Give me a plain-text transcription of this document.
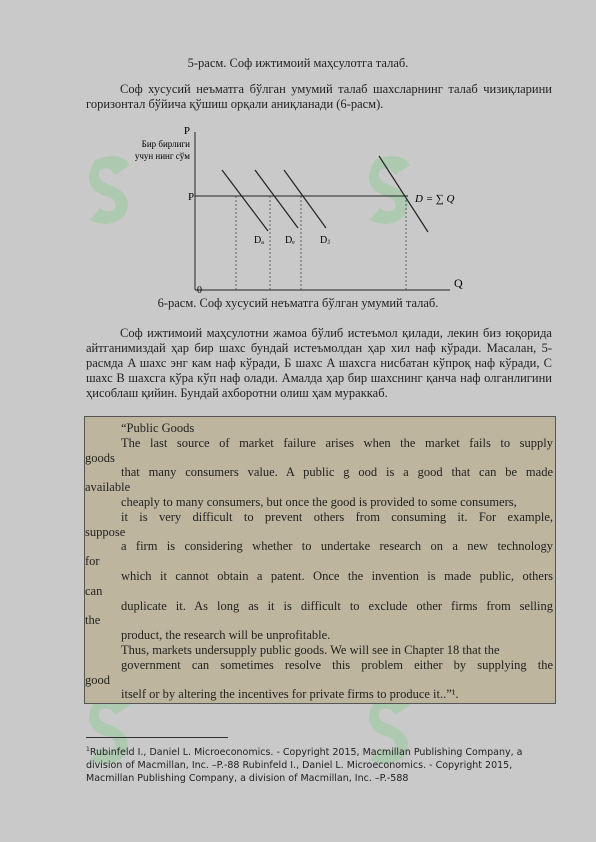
5-расм. Соф ижтимоий маҳсулотга талаб.
Соф хусусий неъматга бўлган умумий талаб шахсларнинг талаб чизиқларини горизонтал бўйича қўшиш орқали аниқланади (6-расм).
P
Бир бирлиги
учун нинг сўм
P
0
Q
Dₐ Dₑ	Dⱼ
D = ∑ Q
6-расм. Соф хусусий неъматга бўлган умумий талаб.
Соф ижтимоий маҳсулотни жамоа бўлиб истеъмол қилади, лекин биз юқорида айтганимиздай ҳар бир шахс бундай истеъмолдан ҳар хил наф кўради. Масалан, 5-расмда A шахс энг кам наф кўради, Б шахс A шахсга нисбатан кўпроқ наф кўради, C шахс B шахсга кўра кўп наф олади. Амалда ҳар бир шахснинг қанча наф олганлигини ҳисоблаш қийин. Бундай ахборотни олиш ҳам мураккаб.
“Public Goods
The last source of market failure arises when the market fails to supply
goods
that many consumers value. A public g ood is a good that can be made
available
cheaply to many consumers, but once the good is provided to some consumers,
it is very difficult to prevent others from consuming it. For example,
suppose
a firm is considering whether to undertake research on a new technology
for
which it cannot obtain a patent. Once the invention is made public, others
can
duplicate it. As long as it is difficult to exclude other firms from selling
the
product, the research will be unprofitable.
Thus, markets undersupply public goods. We will see in Chapter 18 that the
government can sometimes resolve this problem either by supplying the
good
itself or by altering the incentives for private firms to produce it..”¹.
$^1$Rubinfeld I., Daniel L. Microeconomics. - Copyright 2015, Macmillan Publishing Company, a division of Macmillan, Inc. –P.-88 Rubinfeld I., Daniel L. Microeconomics. - Copyright 2015, Macmillan Publishing Company, a division of Macmillan, Inc. –P.-588
